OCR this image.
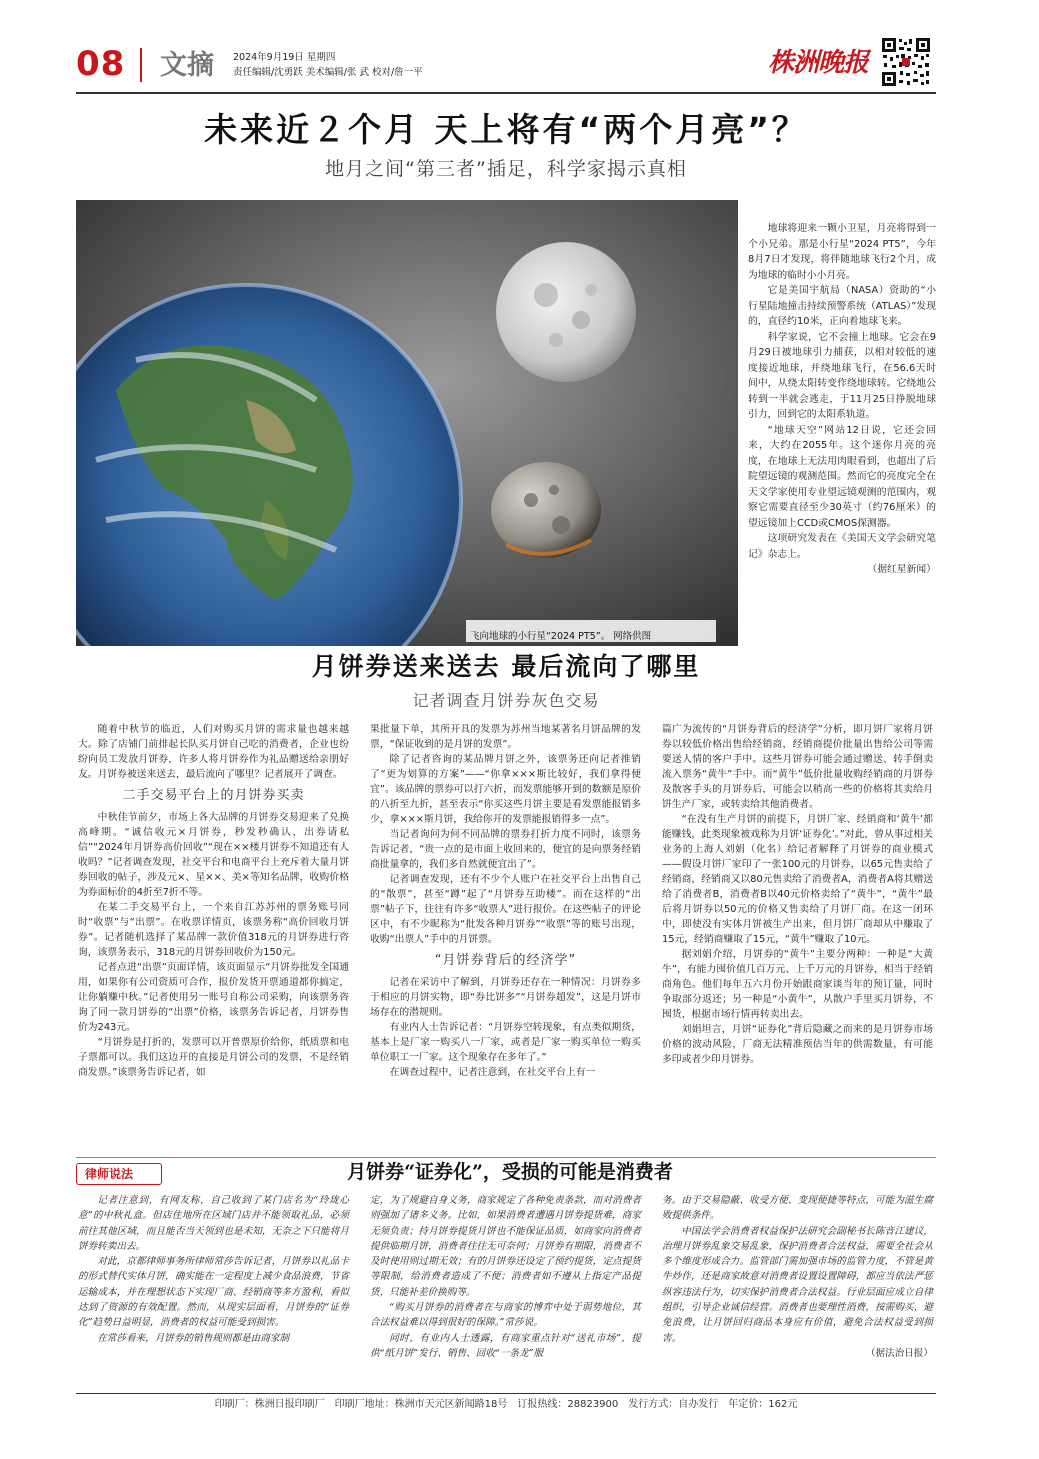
08 文摘 2024年9月19日 星期四
责任编辑/沈勇跃 美术编辑/张 武 校对/詹一平	株洲晚报
未来近２个月 天上将有“两个月亮”？
地月之间“第三者”插足，科学家揭示真相
飞向地球的小行星“2024 PT5”。 网络供图

地球将迎来一颗小卫星，月亮将得到一个小兄弟。那是小行星“2024 PT5”，今年8月7日才发现，将伴随地球飞行2个月，成为地球的临时小小月亮。

它是美国宇航局（NASA）资助的“小行星陆地撞击持续预警系统（ATLAS）”发现的，直径约10米，正向着地球飞来。

科学家说，它不会撞上地球。它会在9月29日被地球引力捕获，以相对较低的速度接近地球，并绕地球飞行，在56.6天时间中，从绕太阳转变作绕地球转。它绕地公转到一半就会逃走，于11月25日挣脱地球引力，回到它的太阳系轨道。

“地球天空”网站12日说，它还会回来，大约在2055年。这个迷你月亮的亮度，在地球上无法用肉眼看到，也超出了后院望远镜的观测范围。然而它的亮度完全在天文学家使用专业望远镜观测的范围内，观察它需要直径至少30英寸（约76厘米）的望远镜加上CCD或CMOS探测器。

这项研究发表在《美国天文学会研究笔记》杂志上。

（据红星新闻）

月饼券送来送去 最后流向了哪里
记者调查月饼券灰色交易

随着中秋节的临近，人们对购买月饼的需求量也越来越大。除了店铺门前排起长队买月饼自己吃的消费者，企业也纷纷向员工发放月饼券，许多人将月饼券作为礼品赠送给亲朋好友。月饼券被送来送去，最后流向了哪里？记者展开了调查。

二手交易平台上的月饼券买卖

中秋佳节前夕，市场上各大品牌的月饼券交易迎来了兑换高峰期。“诚信收元×月饼券，秒发秒确认，出券请私信”“2024年月饼券高价回收”“现在××楼月饼券不知道还有人收吗？”记者调查发现，社交平台和电商平台上充斥着大量月饼券回收的帖子，涉及元×、星××、美×等知名品牌，收购价格为券面标价的4折至7折不等。

在某二手交易平台上，一个来自江苏苏州的票务账号同时“收票”与“出票”。在收票详情页，该票务称“高价回收月饼券”。记者随机选择了某品牌一款价值318元的月饼券进行咨询，该票务表示，318元的月饼券回收价为150元。

记者点进“出票”页面详情，该页面显示“月饼券批发全国通用，如果你有公司资质可合作，报价发货开票通道都你搞定，让你躺赚中秋。”记者使用另一账号自称公司采购，向该票务咨询了同一款月饼券的“出票”价格，该票务告诉记者，月饼券售价为243元。

“月饼券是打折的，发票可以开普票原价给你，纸质票和电子票都可以。我们这边开的直接是月饼公司的发票，不是经销商发票。”该票务告诉记者，如

果批量下单，其所开具的发票为苏州当地某著名月饼品牌的发票，“保证收到的是月饼的发票”。

除了记者咨询的某品牌月饼之外，该票务还向记者推销了“更为划算的方案”——“你拿×××斯比较好，我们拿得便宜”。该品牌的票券可以打六折，而发票能够开到的数额是原价的八折至九折，甚至表示“你买这些月饼主要是看发票能报销多少，拿×××斯月饼，我给你开的发票能报销得多一点”。

当记者询问为何不同品牌的票券打折力度不同时，该票务告诉记者，“贵一点的是市面上收回来的，便宜的是向票务经销商批量拿的，我们多自然就便宜出了”。

记者调查发现，还有不少个人账户在社交平台上出售自己的“散票”，甚至“蹲”起了“月饼券互助楼”。而在这样的“出票”帖子下，往往有许多“收票人”进行报价。在这些帖子的评论区中，有不少昵称为“批发各种月饼券”“收票”等的账号出现，收购“出票人”手中的月饼票。

“月饼券背后的经济学”

记者在采访中了解到，月饼券还存在一种情况：月饼券多于相应的月饼实物，即“券比饼多”“月饼券超发”，这是月饼市场存在的潜规则。

有业内人士告诉记者：“月饼券空转现象，有点类似期货，基本上是厂家一购买八一厂家，或者是厂家一购买单位一购买单位职工一厂家。这个现象存在多年了。”

在调查过程中，记者注意到，在社交平台上有一

篇广为流传的“月饼券背后的经济学”分析，即月饼厂家将月饼券以较低价格出售给经销商，经销商提价批量出售给公司等需要送人情的客户手中。这些月饼券可能会通过赠送、转手倒卖流入票务“黄牛”手中。而“黄牛”低价批量收购经销商的月饼券及散客手头的月饼券后，可能会以稍高一些的价格将其卖给月饼生产厂家，或转卖给其他消费者。

“在没有生产月饼的前提下，月饼厂家、经销商和‘黄牛’都能赚钱，此类现象被戏称为月饼‘证券化’。”对此，曾从事过相关业务的上海人刘娟（化名）给记者解释了月饼券的商业模式——假设月饼厂家印了一张100元的月饼券，以65元售卖给了经销商，经销商又以80元售卖给了消费者A，消费者A将其赠送给了消费者B，消费者B以40元价格卖给了“黄牛”，“黄牛”最后将月饼券以50元的价格又售卖给了月饼厂商。在这一闭环中，即使没有实体月饼被生产出来，但月饼厂商却从中赚取了15元，经销商赚取了15元，“黄牛”赚取了10元。

据刘娟介绍，月饼券的“黄牛”主要分两种：一种是“大黄牛”，有能力囤价值几百万元、上千万元的月饼券，相当于经销商角色。他们每年五六月份开始跟商家谈当年的预订量，同时争取部分返还；另一种是“小黄牛”，从散户手里买月饼券，不囤货，根据市场行情再转卖出去。

刘娟坦言，月饼“证券化”背后隐藏之而来的是月饼券市场价格的波动风险，厂商无法精准预估当年的供需数量，有可能多印或者少印月饼券。

律师说法	月饼券“证券化”，受损的可能是消费者

记者注意到，有网友称，自己收到了某门店名为“玲珑心意”的中秋礼盒。但店住地所在区域门店并不能领取礼品，必须前往其他区域，而且能否当天领到也是未知，无奈之下只能将月饼券转卖出去。

对此，京都律师事务所律师常莎告诉记者，月饼券以礼品卡的形式替代实体月饼，确实能在一定程度上减少食品浪费，节省运输成本，并在理想状态下实现厂商、经销商等多方盈利，看似达到了资源的有效配置。然而，从现实层面看，月饼券的“证券化”趋势日益明显，消费者的权益可能受到损害。

在常莎看来，月饼券的销售规则都是由商家制

定，为了规避自身义务，商家规定了各种免责条款，而对消费者则强加了诸多义务。比如，如果消费者遭遇月饼券提货难，商家无须负责；持月饼券提货月饼也不能保证品质，如商家向消费者提供临期月饼，消费者往往无可奈何；月饼券有期限，消费者不及时使用则过期无效；有的月饼券还设定了预约提货，定点提货等限制，给消费者造成了不便；消费者如不遵从上指定产品提货，只能补差价换购等。

“购买月饼券的消费者在与商家的博弈中处于弱势地位，其合法权益难以得到很好的保障。”常莎说。

同时，有业内人士透露，有商家重点针对“送礼市场”，提供“纸月饼”发行、销售、回收“一条龙”服

务。由于交易隐蔽、收受方便、变现便捷等特点，可能为滋生腐败提供条件。

中国法学会消费者权益保护法研究会副秘书长陈音江建议，治理月饼券乱象交易乱象，保护消费者合法权益，需要全社会从多个维度形成合力。监管部门需加强市场的监管力度，不管是黄牛炒作，还是商家故意对消费者设置设置障碍，都应当依法严惩纵容违法行为，切实保护消费者合法权益。行业层面应成立自律组织，引导企业诚信经营。消费者也要理性消费，按需购买，避免浪费，让月饼回归商品本身应有价值，避免合法权益受到损害。

（据法治日报）

印刷厂：株洲日报印刷厂　印刷厂地址：株洲市天元区新闻路18号　订报热线：28823900　发行方式：自办发行　年定价：162元
